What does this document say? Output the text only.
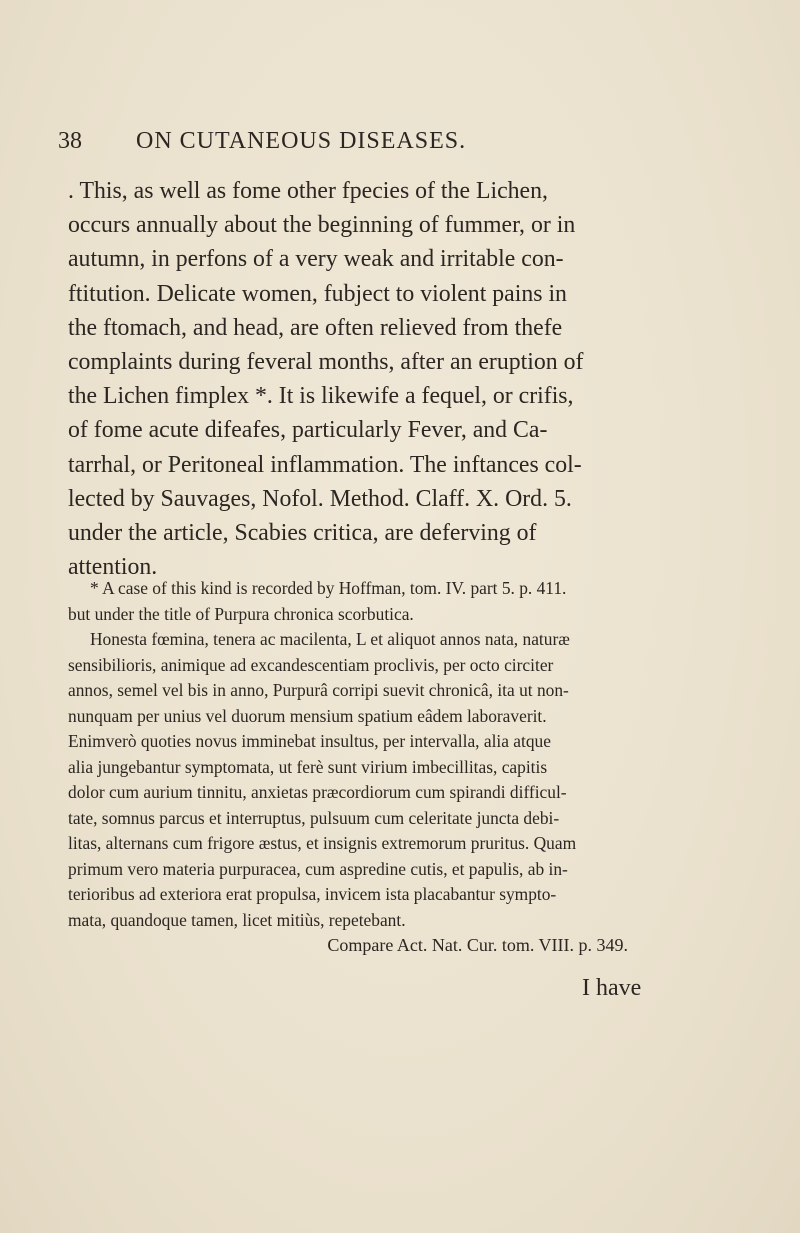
38	ON CUTANEOUS DISEASES.
. This, as well as fome other fpecies of the Lichen,
occurs annually about the beginning of fummer, or in
autumn, in perfons of a very weak and irritable con-
ftitution. Delicate women, fubject to violent pains in
the ftomach, and head, are often relieved from thefe
complaints during feveral months, after an eruption of
the Lichen fimplex *. It is likewife a fequel, or crifis,
of fome acute difeafes, particularly Fever, and Ca-
tarrhal, or Peritoneal inflammation. The inftances col-
lected by Sauvages, Nofol. Method. Claff. X. Ord. 5.
under the article, Scabies critica, are deferving of
attention.
* A case of this kind is recorded by Hoffman, tom. IV. part 5. p. 411.
but under the title of Purpura chronica scorbutica.
Honesta fœmina, tenera ac macilenta, L et aliquot annos nata, naturæ
sensibilioris, animique ad excandescentiam proclivis, per octo circiter
annos, semel vel bis in anno, Purpurâ corripi suevit chronicâ, ita ut non-
nunquam per unius vel duorum mensium spatium eâdem laboraverit.
Enimverò quoties novus imminebat insultus, per intervalla, alia atque
alia jungebantur symptomata, ut ferè sunt virium imbecillitas, capitis
dolor cum aurium tinnitu, anxietas præcordiorum cum spirandi difficul-
tate, somnus parcus et interruptus, pulsuum cum celeritate juncta debi-
litas, alternans cum frigore æstus, et insignis extremorum pruritus. Quam
primum vero materia purpuracea, cum aspredine cutis, et papulis, ab in-
terioribus ad exteriora erat propulsa, invicem ista placabantur sympto-
mata, quandoque tamen, licet mitiùs, repetebant.
Compare Act. Nat. Cur. tom. VIII. p. 349.
I have
